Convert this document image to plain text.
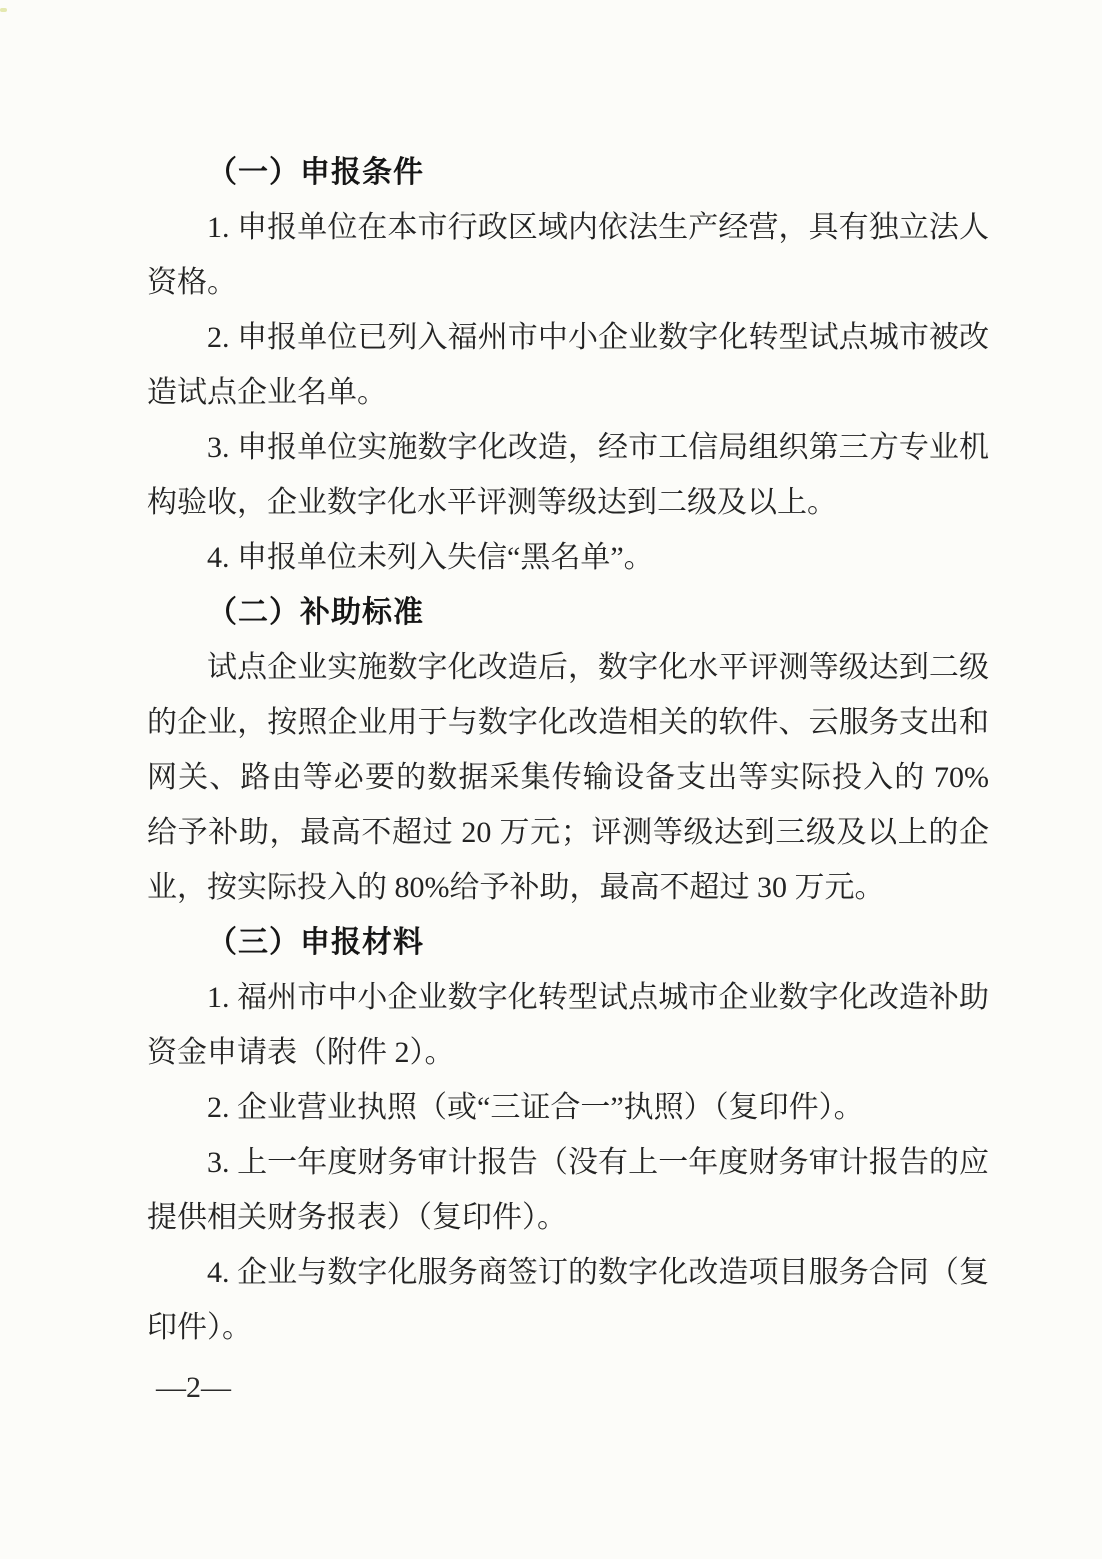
（一）申报条件

1. 申报单位在本市行政区域内依法生产经营，具有独立法人资格。

2. 申报单位已列入福州市中小企业数字化转型试点城市被改造试点企业名单。

3. 申报单位实施数字化改造，经市工信局组织第三方专业机构验收，企业数字化水平评测等级达到二级及以上。

4. 申报单位未列入失信“黑名单”。

（二）补助标准

试点企业实施数字化改造后，数字化水平评测等级达到二级的企业，按照企业用于与数字化改造相关的软件、云服务支出和网关、路由等必要的数据采集传输设备支出等实际投入的 70%给予补助，最高不超过 20 万元；评测等级达到三级及以上的企业，按实际投入的 80%给予补助，最高不超过 30 万元。

（三）申报材料

1. 福州市中小企业数字化转型试点城市企业数字化改造补助资金申请表（附件 2）。

2. 企业营业执照（或“三证合一”执照）（复印件）。

3. 上一年度财务审计报告（没有上一年度财务审计报告的应提供相关财务报表）（复印件）。

4. 企业与数字化服务商签订的数字化改造项目服务合同（复印件）。

—2—
